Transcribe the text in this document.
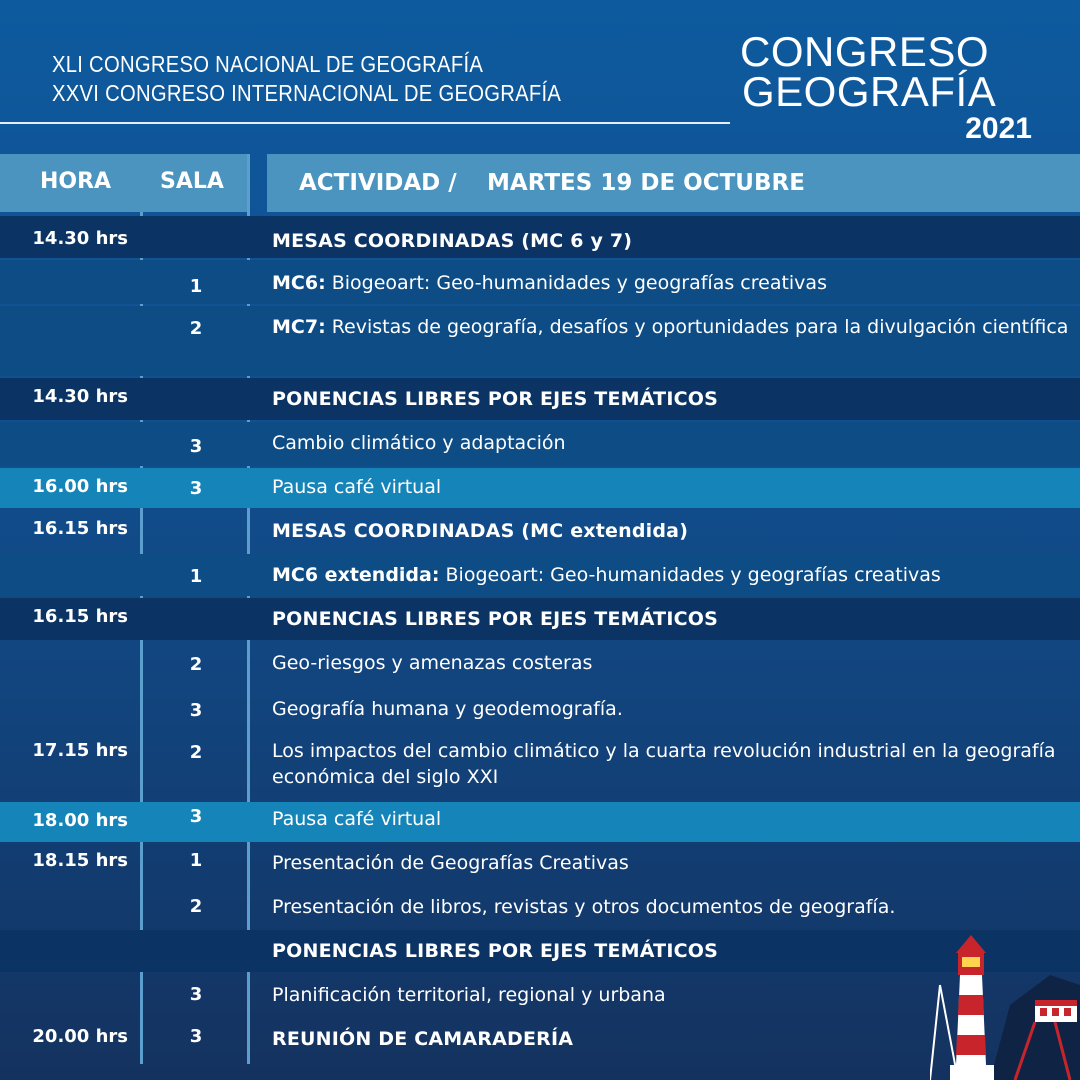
XLI CONGRESO NACIONAL DE GEOGRAFÍA
XXVI CONGRESO INTERNACIONAL DE GEOGRAFÍA
CONGRESO
GEOGRAFÍA
2021
HORA SALA	ACTIVIDAD / MARTES 19 DE OCTUBRE
14.30 hrs	MESAS COORDINADAS (MC 6 y 7)
1	MC6: Biogeoart: Geo-humanidades y geografías creativas
2	MC7: Revistas de geografía, desafíos y oportunidades para la divulgación científica
14.30 hrs	PONENCIAS LIBRES POR EJES TEMÁTICOS
3	Cambio climático y adaptación
16.00 hrs	3	Pausa café virtual
16.15 hrs	MESAS COORDINADAS (MC extendida)
1	MC6 extendida: Biogeoart: Geo-humanidades y geografías creativas
16.15 hrs	PONENCIAS LIBRES POR EJES TEMÁTICOS
2	Geo-riesgos y amenazas costeras
3	Geografía humana y geodemografía.
17.15 hrs	2	Los impactos del cambio climático y la cuarta revolución industrial en la geografía económica del siglo XXI
18.00 hrs	3	Pausa café virtual
18.15 hrs	1	Presentación de Geografías Creativas
2	Presentación de libros, revistas y otros documentos de geografía.
PONENCIAS LIBRES POR EJES TEMÁTICOS
3	Planificación territorial, regional y urbana
20.00 hrs	3	REUNIÓN DE CAMARADERÍA
